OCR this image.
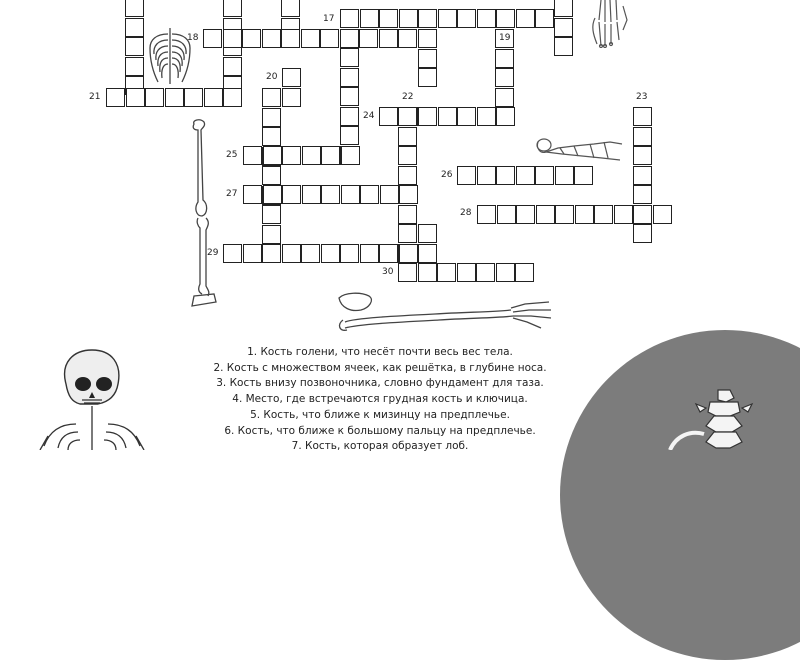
17
18	19
20
21	22	23
24
25
26
27
28
29
30
1. Кость голени, что несёт почти весь вес тела.
2. Кость с множеством ячеек, как решётка, в глубине носа.
3. Кость внизу позвоночника, словно фундамент для таза.
4. Место, где встречаются грудная кость и ключица.
5. Кость, что ближе к мизинцу на предплечье.
6. Кость, что ближе к большому пальцу на предплечье.
7. Кость, которая образует лоб.
